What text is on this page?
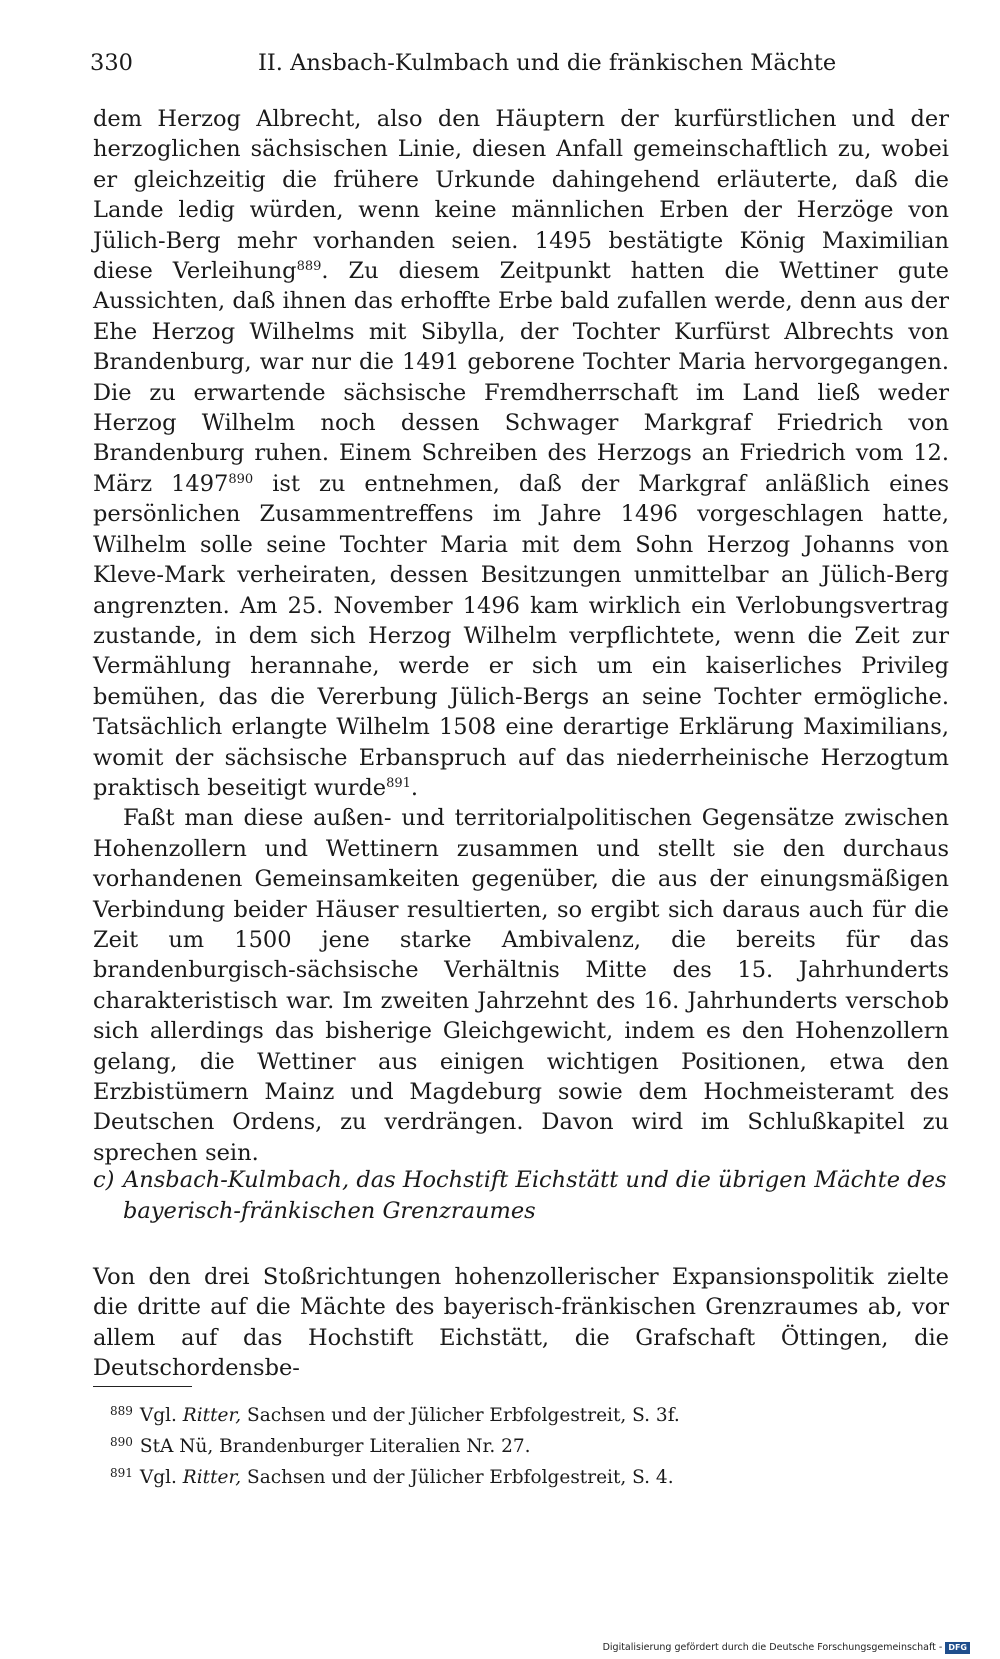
330	II. Ansbach-Kulmbach und die fränkischen Mächte

dem Herzog Albrecht, also den Häuptern der kurfürstlichen und der herzoglichen sächsischen Linie, diesen Anfall gemeinschaftlich zu, wobei er gleichzeitig die frühere Urkunde dahingehend erläuterte, daß die Lande ledig würden, wenn keine männlichen Erben der Herzöge von Jülich-Berg mehr vorhanden seien. 1495 bestätigte König Maximilian diese Verleihung$^{889}$. Zu diesem Zeitpunkt hatten die Wettiner gute Aussichten, daß ihnen das erhoffte Erbe bald zufallen werde, denn aus der Ehe Herzog Wilhelms mit Sibylla, der Tochter Kurfürst Albrechts von Brandenburg, war nur die 1491 geborene Tochter Maria hervorgegangen. Die zu erwartende sächsische Fremdherrschaft im Land ließ weder Herzog Wilhelm noch dessen Schwager Markgraf Friedrich von Brandenburg ruhen. Einem Schreiben des Herzogs an Friedrich vom 12. März 1497$^{890}$ ist zu entnehmen, daß der Markgraf anläßlich eines persönlichen Zusammentreffens im Jahre 1496 vorgeschlagen hatte, Wilhelm solle seine Tochter Maria mit dem Sohn Herzog Johanns von Kleve-Mark verheiraten, dessen Besitzungen unmittelbar an Jülich-Berg angrenzten. Am 25. November 1496 kam wirklich ein Verlobungsvertrag zustande, in dem sich Herzog Wilhelm verpflichtete, wenn die Zeit zur Vermählung herannahe, werde er sich um ein kaiserliches Privileg bemühen, das die Vererbung Jülich-Bergs an seine Tochter ermögliche. Tatsächlich erlangte Wilhelm 1508 eine derartige Erklärung Maximilians, womit der sächsische Erbanspruch auf das niederrheinische Herzogtum praktisch beseitigt wurde$^{891}$.

Faßt man diese außen- und territorialpolitischen Gegensätze zwischen Hohenzollern und Wettinern zusammen und stellt sie den durchaus vorhandenen Gemeinsamkeiten gegenüber, die aus der einungsmäßigen Verbindung beider Häuser resultierten, so ergibt sich daraus auch für die Zeit um 1500 jene starke Ambivalenz, die bereits für das brandenburgisch-sächsische Verhältnis Mitte des 15. Jahrhunderts charakteristisch war. Im zweiten Jahrzehnt des 16. Jahrhunderts verschob sich allerdings das bisherige Gleichgewicht, indem es den Hohenzollern gelang, die Wettiner aus einigen wichtigen Positionen, etwa den Erzbistümern Mainz und Magdeburg sowie dem Hochmeisteramt des Deutschen Ordens, zu verdrängen. Davon wird im Schlußkapitel zu sprechen sein.

c) Ansbach-Kulmbach, das Hochstift Eichstätt und die übrigen Mächte des bayerisch-fränkischen Grenzraumes

Von den drei Stoßrichtungen hohenzollerischer Expansionspolitik zielte die dritte auf die Mächte des bayerisch-fränkischen Grenzraumes ab, vor allem auf das Hochstift Eichstätt, die Grafschaft Öttingen, die Deutschordensbe-

$^{889}$ Vgl. Ritter, Sachsen und der Jülicher Erbfolgestreit, S. 3f.
$^{890}$ StA Nü, Brandenburger Literalien Nr. 27.
$^{891}$ Vgl. Ritter, Sachsen und der Jülicher Erbfolgestreit, S. 4.
Digitalisierung gefördert durch die Deutsche Forschungsgemeinschaft - DFG
